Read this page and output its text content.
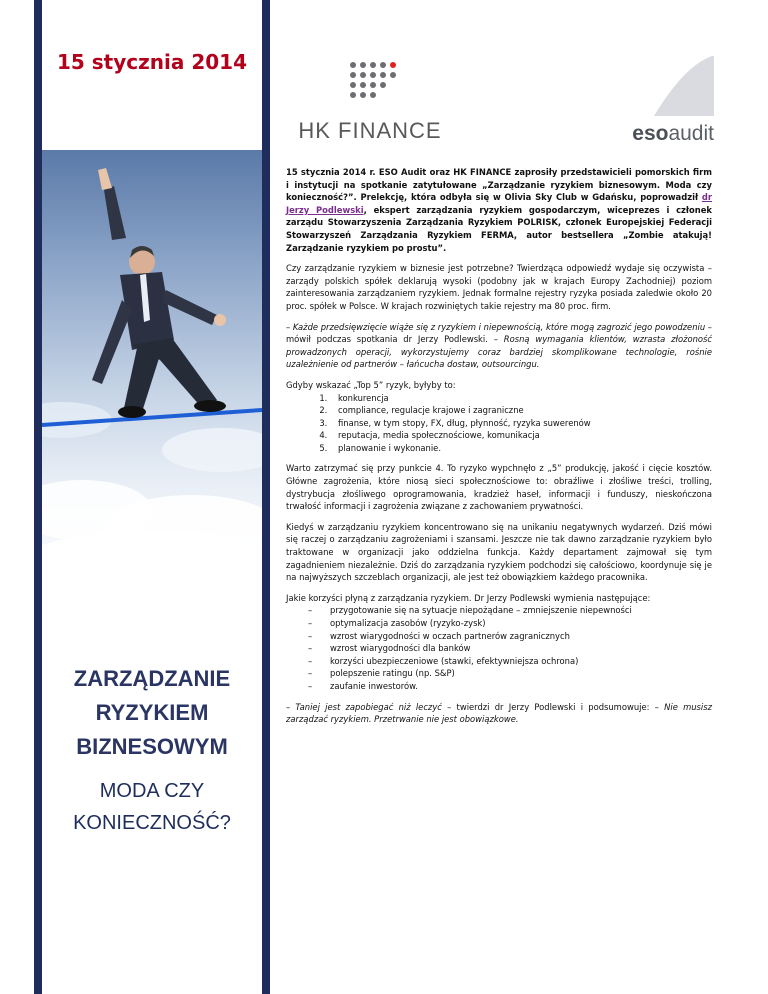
15 stycznia 2014
ZARZĄDZANIE
RYZYKIEM
BIZNESOWYM
MODA CZY
KONIECZNOŚĆ?
HK FINANCE	esoaudit

15 stycznia 2014 r. ESO Audit oraz HK FINANCE zaprosiły przedstawicieli pomorskich firm i instytucji na spotkanie zatytułowane „Zarządzanie ryzykiem biznesowym. Moda czy konieczność?”. Prelekcję, która odbyła się w Olivia Sky Club w Gdańsku, poprowadził dr Jerzy Podlewski, ekspert zarządzania ryzykiem gospodarczym, wiceprezes i członek zarządu Stowarzyszenia Zarządzania Ryzykiem POLRISK, członek Europejskiej Federacji Stowarzyszeń Zarządzania Ryzykiem FERMA, autor bestsellera „Zombie atakują! Zarządzanie ryzykiem po prostu”.

Czy zarządzanie ryzykiem w biznesie jest potrzebne? Twierdząca odpowiedź wydaje się oczywista – zarządy polskich spółek deklarują wysoki (podobny jak w krajach Europy Zachodniej) poziom zainteresowania zarządzaniem ryzykiem. Jednak formalne rejestry ryzyka posiada zaledwie około 20 proc. spółek w Polsce. W krajach rozwiniętych takie rejestry ma 80 proc. firm.

– Każde przedsięwzięcie wiąże się z ryzykiem i niepewnością, które mogą zagrozić jego powodzeniu – mówił podczas spotkania dr Jerzy Podlewski. – Rosną wymagania klientów, wzrasta złożoność prowadzonych operacji, wykorzystujemy coraz bardziej skomplikowane technologie, rośnie uzależnienie od partnerów – łańcucha dostaw, outsourcingu.

Gdyby wskazać „Top 5” ryzyk, byłyby to:

1. konkurencja
2. compliance, regulacje krajowe i zagraniczne
3. finanse, w tym stopy, FX, dług, płynność, ryzyka suwerenów
4. reputacja, media społecznościowe, komunikacja
5. planowanie i wykonanie.

Warto zatrzymać się przy punkcie 4. To ryzyko wypchnęło z „5” produkcję, jakość i cięcie kosztów. Główne zagrożenia, które niosą sieci społecznościowe to: obraźliwe i złośliwe treści, trolling, dystrybucja złośliwego oprogramowania, kradzież haseł, informacji i funduszy, nieskończona trwałość informacji i zagrożenia związane z zachowaniem prywatności.

Kiedyś w zarządzaniu ryzykiem koncentrowano się na unikaniu negatywnych wydarzeń. Dziś mówi się raczej o zarządzaniu zagrożeniami i szansami. Jeszcze nie tak dawno zarządzanie ryzykiem było traktowane w organizacji jako oddzielna funkcja. Każdy departament zajmował się tym zagadnieniem niezależnie. Dziś do zarządzania ryzykiem podchodzi się całościowo, koordynuje się je na najwyższych szczeblach organizacji, ale jest też obowiązkiem każdego pracownika.

Jakie korzyści płyną z zarządzania ryzykiem. Dr Jerzy Podlewski wymienia następujące:

– przygotowanie się na sytuacje niepożądane – zmniejszenie niepewności
– optymalizacja zasobów (ryzyko-zysk)
– wzrost wiarygodności w oczach partnerów zagranicznych
– wzrost wiarygodności dla banków
– korzyści ubezpieczeniowe (stawki, efektywniejsza ochrona)
– polepszenie ratingu (np. S&P)
– zaufanie inwestorów.

– Taniej jest zapobiegać niż leczyć – twierdzi dr Jerzy Podlewski i podsumowuje: – Nie musisz zarządzać ryzykiem. Przetrwanie nie jest obowiązkowe.
